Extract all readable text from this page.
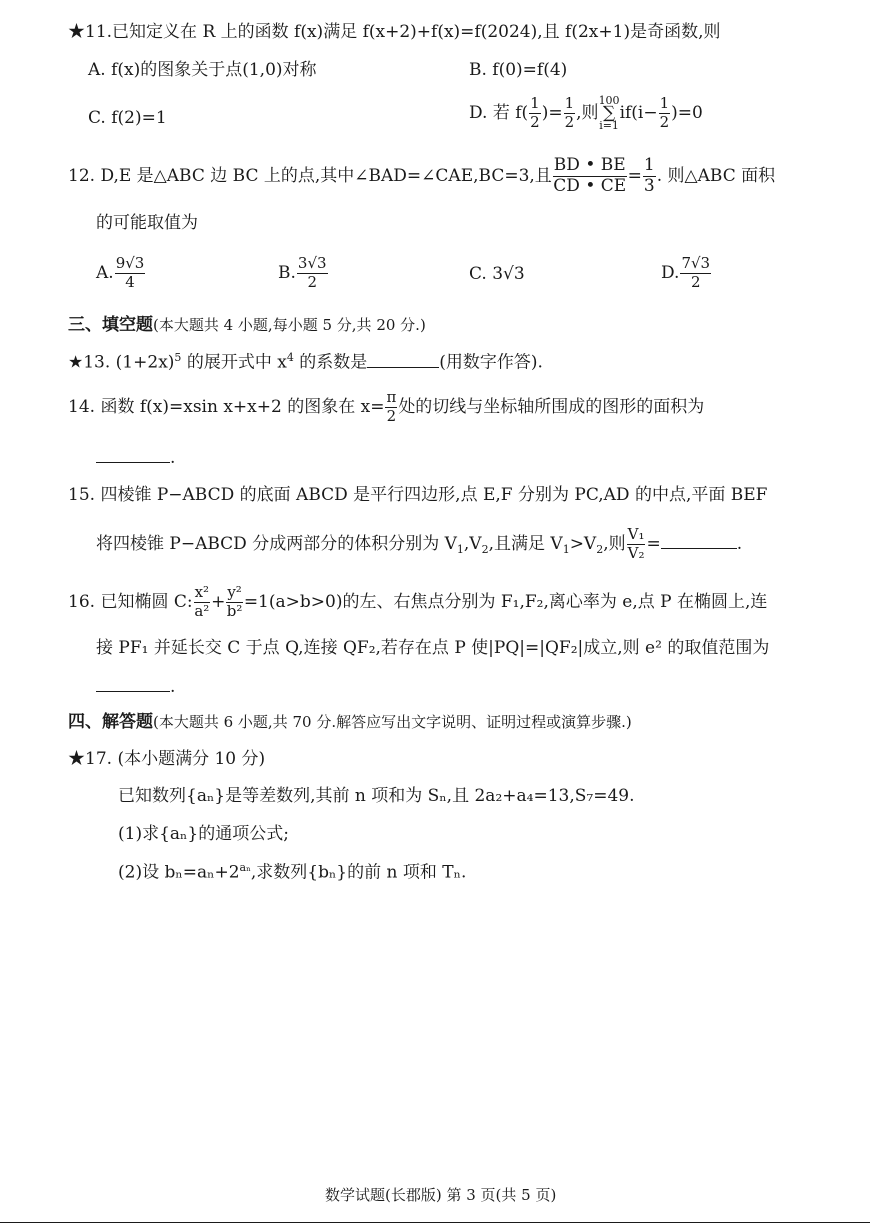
★11.已知定义在 R 上的函数 f(x)满足 f(x+2)+f(x)=f(2024),且 f(2x+1)是奇函数,则
A. f(x)的图象关于点(1,0)对称	B. f(0)=f(4)
C. f(2)=1	D. 若 $f( \frac{1}{2}$ )= $\frac{1}{2}$ ,则
100
∑
i=1
$if(i- \frac{1}{2} )=0$
12. D,E 是△ABC 边 BC 上的点,其中∠BAD=∠CAE,BC=3,且 $\frac{BD • BE}{CD • CE} = \frac{1}{3}$ . 则△ABC 面积
的可能取值为
A. $\frac{9√3}{4}$	B. $\frac{3√3}{2}$	C. 3√3	D. $\frac{7√3}{2}$
三、填空题(本大题共 4 小题,每小题 5 分,共 20 分.)
★13. $(1+2x)^5$ 的展开式中 $x^4$ 的系数是	(用数字作答).
14. 函数 f(x)=xsin x+x+2 的图象在 $x= \frac{\pi}{2}$ 处的切线与坐标轴所围成的图形的面积为
.
15. 四棱锥 P−ABCD 的底面 ABCD 是平行四边形,点 E,F 分别为 PC,AD 的中点,平面 BEF
将四棱锥 P−ABCD 分成两部分的体积分别为 $V_1,V_2$,且满足 $V_1>V_2$,则 $\frac{\text{V₁}}{\text{V₂}}$ =	.
16. 已知椭圆 C: $\frac{\text{x²}}{\text{a²}} + \frac{\text{y²}}{\text{b²}} =1(a>b>0)$的左、右焦点分别为 F₁,F₂,离心率为 e,点 P 在椭圆上,连
接 PF₁ 并延长交 C 于点 Q,连接 QF₂,若存在点 P 使|PQ|=|QF₂|成立,则 e² 的取值范围为
.
四、解答题(本大题共 6 小题,共 70 分.解答应写出文字说明、证明过程或演算步骤.)
★17. (本小题满分 10 分)
已知数列{aₙ}是等差数列,其前 n 项和为 Sₙ,且 2a₂+a₄=13,S₇=49.
(1)求{aₙ}的通项公式;
(2)设 $b_n=a_n+2^{a_n}$,求数列{bₙ}的前 n 项和 Tₙ.
数学试题(长郡版) 第 3 页(共 5 页)
